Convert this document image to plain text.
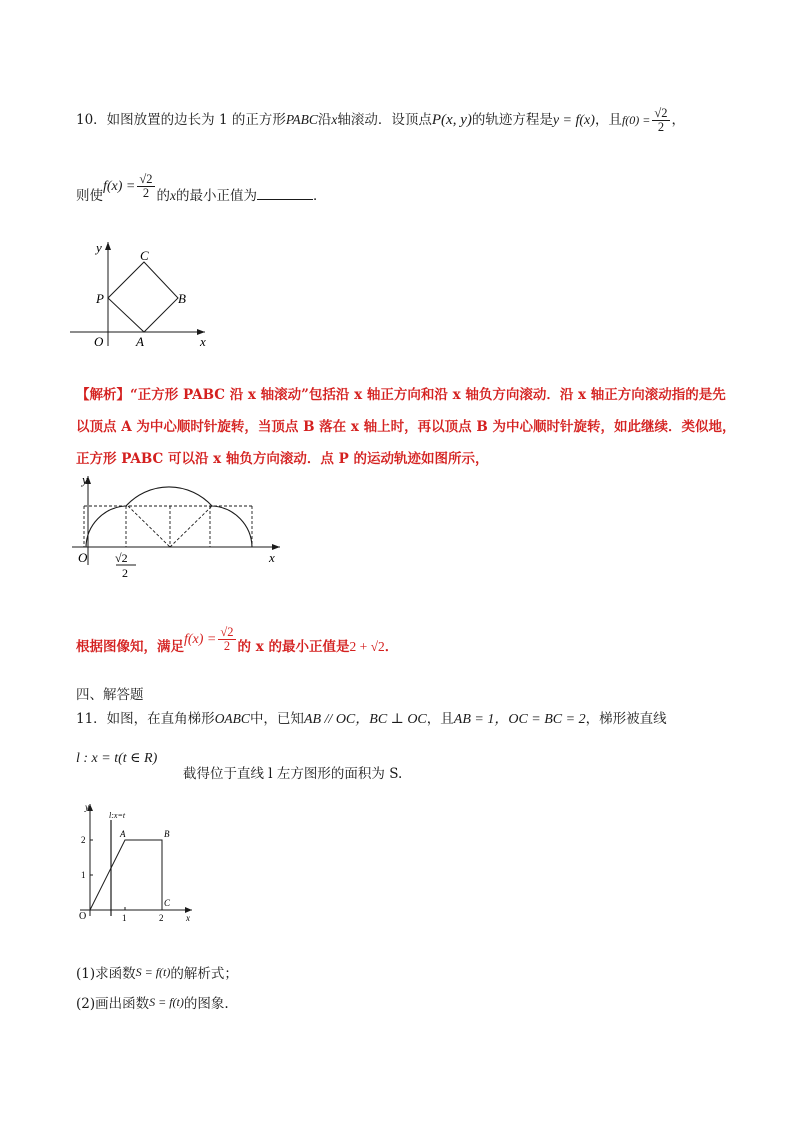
10．如图放置的边长为 1 的正方形PABC沿x轴滚动．设顶点P(x, y)的轨迹方程是y = f(x)，且$f(0) = \frac{√2}{2}$ ，
则使$f(x) = \frac{√2}{2}$ 的x的最小正值为	．
y
x
O	A
B
C
P
【解析】“正方形 PABC 沿 x 轴滚动”包括沿 x 轴正方向和沿 x 轴负方向滚动．沿 x 轴正方向滚动指的是先
以顶点 A 为中心顺时针旋转，当顶点 B 落在 x 轴上时，再以顶点 B 为中心顺时针旋转，如此继续．类似地，
正方形 PABC 可以沿 x 轴负方向滚动．点 P 的运动轨迹如图所示，
y
x
O √2
2
根据图像知，满足$f(x) = \frac{√2}{2}$ 的 x 的最小正值是2 + √2．
四、解答题
11．如图，在直角梯形OABC中，已知AB // OC，BC ⊥ OC，且AB = 1，OC = BC = 2，梯形被直线
l : x = t(t ∈ R)
截得位于直线 l 左方图形的面积为 S.
y
x
O	1	2
1
2
A	B
C
l:x=t
(1)求函数S = f(t)的解析式；
(2)画出函数S = f(t)的图象.
